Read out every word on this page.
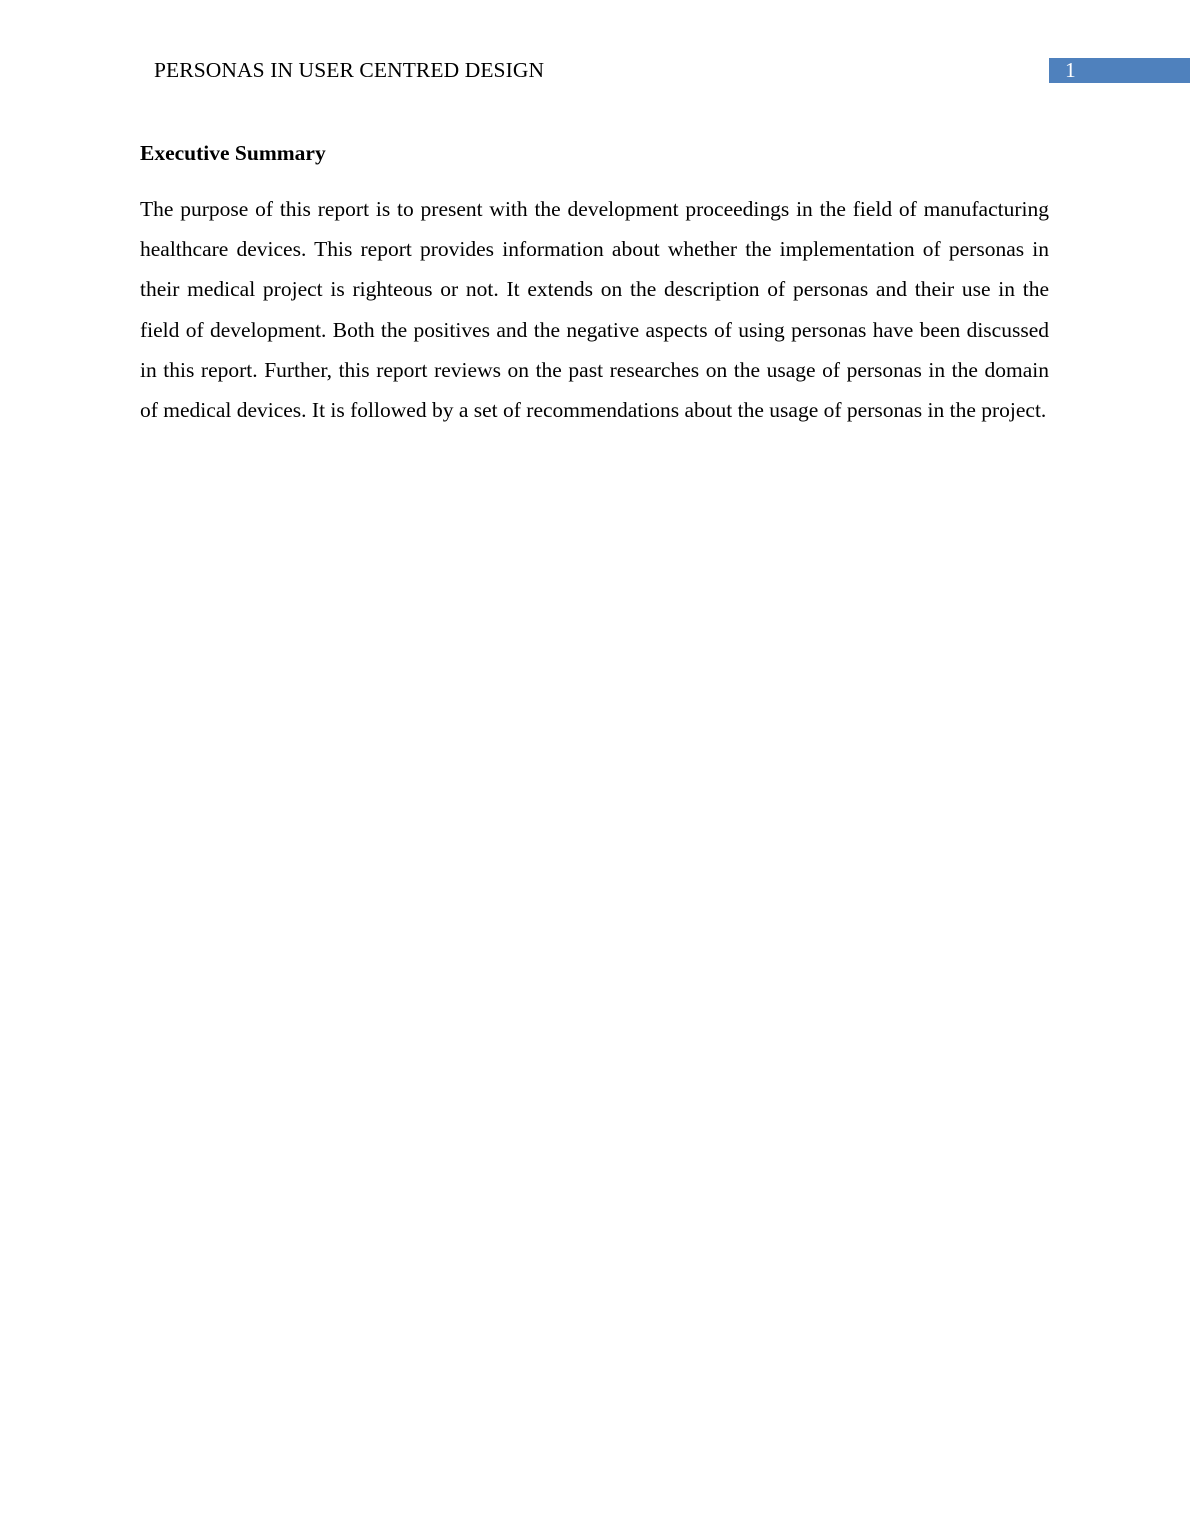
PERSONAS IN USER CENTRED DESIGN	1
Executive Summary

The purpose of this report is to present with the development proceedings in the field of manufacturing healthcare devices. This report provides information about whether the implementation of personas in their medical project is righteous or not. It extends on the description of personas and their use in the field of development. Both the positives and the negative aspects of using personas have been discussed in this report. Further, this report reviews on the past researches on the usage of personas in the domain of medical devices. It is followed by a set of recommendations about the usage of personas in the project.
